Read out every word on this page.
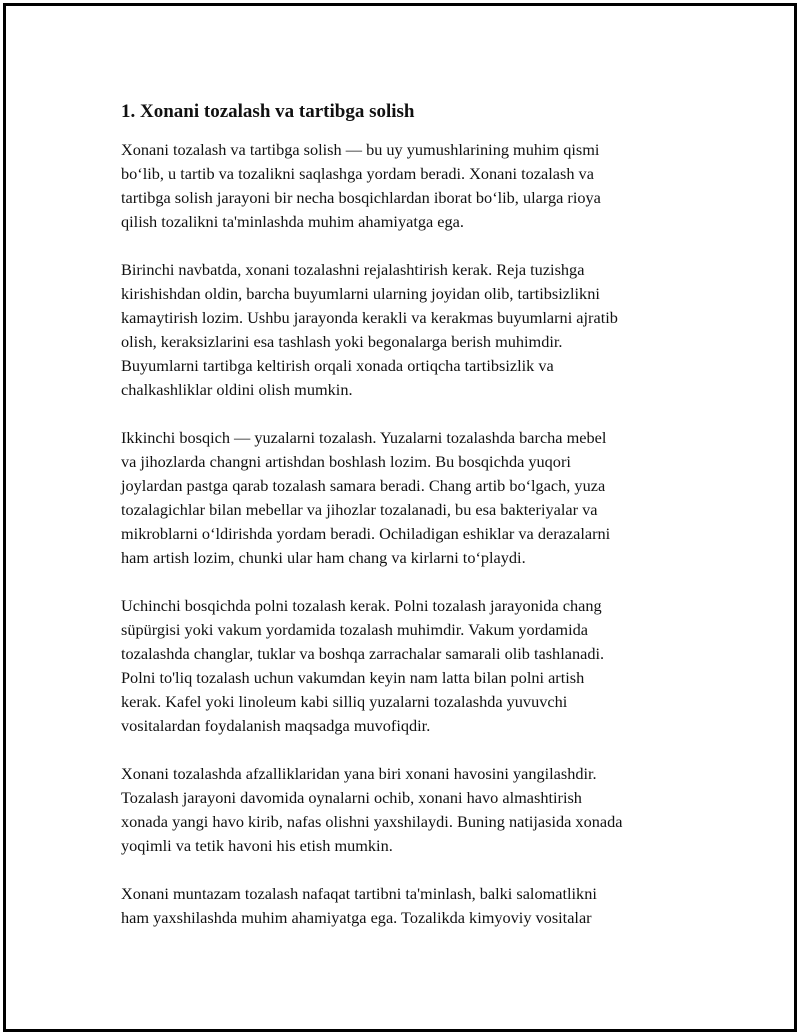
1. Xonani tozalash va tartibga solish

Xonani tozalash va tartibga solish — bu uy yumushlarining muhim qismi
bo‘lib, u tartib va tozalikni saqlashga yordam beradi. Xonani tozalash va
tartibga solish jarayoni bir necha bosqichlardan iborat bo‘lib, ularga rioya
qilish tozalikni ta'minlashda muhim ahamiyatga ega.

Birinchi navbatda, xonani tozalashni rejalashtirish kerak. Reja tuzishga
kirishishdan oldin, barcha buyumlarni ularning joyidan olib, tartibsizlikni
kamaytirish lozim. Ushbu jarayonda kerakli va kerakmas buyumlarni ajratib
olish, keraksizlarini esa tashlash yoki begonalarga berish muhimdir.
Buyumlarni tartibga keltirish orqali xonada ortiqcha tartibsizlik va
chalkashliklar oldini olish mumkin.

Ikkinchi bosqich — yuzalarni tozalash. Yuzalarni tozalashda barcha mebel
va jihozlarda changni artishdan boshlash lozim. Bu bosqichda yuqori
joylardan pastga qarab tozalash samara beradi. Chang artib bo‘lgach, yuza
tozalagichlar bilan mebellar va jihozlar tozalanadi, bu esa bakteriyalar va
mikroblarni o‘ldirishda yordam beradi. Ochiladigan eshiklar va derazalarni
ham artish lozim, chunki ular ham chang va kirlarni to‘playdi.

Uchinchi bosqichda polni tozalash kerak. Polni tozalash jarayonida chang
süpürgisi yoki vakum yordamida tozalash muhimdir. Vakum yordamida
tozalashda changlar, tuklar va boshqa zarrachalar samarali olib tashlanadi.
Polni to'liq tozalash uchun vakumdan keyin nam latta bilan polni artish
kerak. Kafel yoki linoleum kabi silliq yuzalarni tozalashda yuvuvchi
vositalardan foydalanish maqsadga muvofiqdir.

Xonani tozalashda afzalliklaridan yana biri xonani havosini yangilashdir.
Tozalash jarayoni davomida oynalarni ochib, xonani havo almashtirish
xonada yangi havo kirib, nafas olishni yaxshilaydi. Buning natijasida xonada
yoqimli va tetik havoni his etish mumkin.

Xonani muntazam tozalash nafaqat tartibni ta'minlash, balki salomatlikni
ham yaxshilashda muhim ahamiyatga ega. Tozalikda kimyoviy vositalar
